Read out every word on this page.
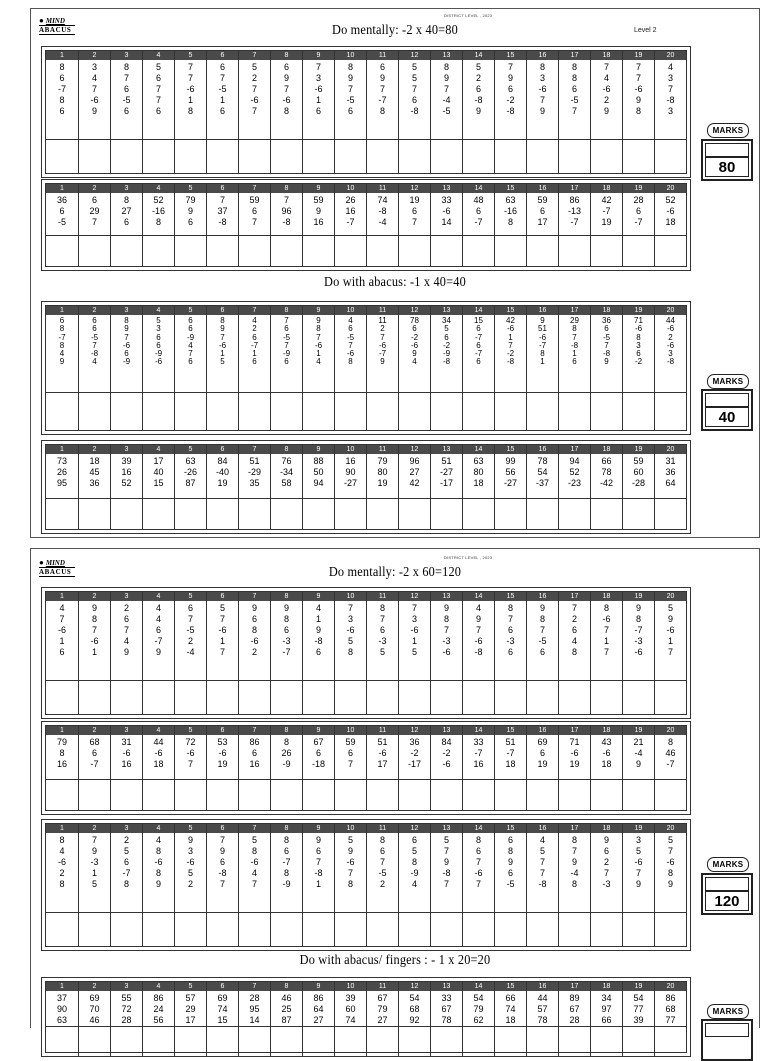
● MIND
ABACUS
DISTRICT LEVEL , 2023
Level 2
Do mentally: -2 x 40=80
1
8
6
-7
8
6
2
3
4
7
-6
9
3
8
7
6
-5
6
4
5
6
7
7
6
5
7
7
-6
1
8
6
6
7
-5
1
6
7
5
2
7
-6
7
8
6
9
7
-6
8
9
7
3
-6
1
6
10
8
9
7
-5
6
11
6
9
7
-7
8
12
5
5
7
6
-8
13
8
9
7
-4
-5
14
5
2
6
-8
9
15
7
9
6
-2
-8
16
8
3
-6
7
9
17
8
8
6
-5
7
18
7
4
-6
2
9
19
7
7
-6
9
8
20
4
3
7
-8
3
1
36
6
-5
2
6
29
7
3
8
27
6
4
52
-16
8
5
79
9
6
6
7
37
-8
7
59
6
7
8
7
96
-8
9
59
9
16
10
26
16
-7
11
74
-8
-4
12
19
6
7
13
33
-6
14
14
48
6
-7
15
63
-16
8
16
59
6
17
17
86
-13
-7
18
42
-7
19
19
28
6
-7
20
52
-6
18
MARKS
80
Do with abacus: -1 x 40=40
1
6
8
-7
8
4
9
2
6
6
-5
7
-8
4
3
8
9
7
-6
6
-9
4
5
3
6
6
-9
-6
5
6
6
-9
4
7
6
6
8
9
7
-6
1
5
7
4
2
6
-7
1
6
8
7
6
-5
7
-9
6
9
9
8
7
-6
1
4
10
4
6
-5
7
-6
8
11
11
2
7
-6
-7
9
12
78
6
-2
-6
9
4
13
34
5
6
-2
-9
-8
14
15
6
-7
6
-7
6
15
42
-6
1
7
-2
-8
16
9
51
-6
-7
8
1
17
29
8
7
-8
1
6
18
36
6
-5
7
-8
9
19
71
-6
8
3
6
-2
20
44
-6
2
-6
3
-8
1
73
26
95
2
18
45
36
3
39
16
52
4
17
40
15
5
63
-26
87
6
84
-40
19
7
51
-29
35
8
76
-34
58
9
88
50
94
10
16
90
-27
11
79
80
19
12
96
27
42
13
51
-27
-17
14
63
80
18
15
99
56
-27
16
78
54
-37
17
94
52
-23
18
66
78
-42
19
59
60
-28
20
31
36
64
MARKS
40
● MIND
ABACUS
DISTRICT LEVEL , 2023
Do mentally: -2 x 60=120
1
4
7
-6
1
6
2
9
8
7
-6
1
3
2
6
7
4
9
4
4
4
6
-7
9
5
6
7
-5
2
-4
6
5
7
-6
1
7
7
9
6
8
-6
2
8
9
8
6
-3
-7
9
4
1
9
-8
6
10
7
3
-6
5
8
11
8
7
6
-3
5
12
7
3
-6
1
5
13
9
8
7
-3
-6
14
4
9
7
-6
-8
15
8
7
6
-3
6
16
9
8
7
-5
6
17
7
2
6
4
8
18
8
-6
7
1
7
19
9
8
-7
-3
-6
20
5
9
-6
1
7
1
79
8
16
2
68
6
-7
3
31
-6
16
4
44
-6
18
5
72
-6
7
6
53
-6
19
7
86
6
16
8
8
26
-9
9
67
6
-18
10
59
6
7
11
51
-6
17
12
36
-2
-17
13
84
-2
-6
14
33
-7
16
15
51
-7
18
16
69
6
19
17
71
-6
19
18
43
-6
18
19
21
-4
9
20
8
46
-7
1
8
4
-6
2
8
2
7
9
-3
1
5
3
2
5
6
-7
8
4
4
8
-6
8
9
5
9
3
-6
5
2
6
7
9
6
-8
7
7
5
8
-6
4
7
8
8
6
-7
8
-9
9
9
6
7
-8
1
10
5
9
-6
7
8
11
8
6
7
-5
2
12
6
5
8
-9
4
13
5
7
9
-8
7
14
8
6
7
-6
7
15
6
8
9
6
-5
16
4
5
7
7
-8
17
8
7
9
-4
8
18
9
6
2
7
-3
19
3
5
-6
7
9
20
5
7
-6
8
9
MARKS
120
Do with abacus/ fingers : - 1 x 20=20
1
37
90
63
2
69
70
46
3
55
72
28
4
86
24
56
5
57
29
17
6
69
74
15
7
28
95
14
8
46
25
87
9
86
64
27
10
39
60
74
11
67
79
27
12
54
68
92
13
33
67
78
14
54
79
62
15
66
74
18
16
44
57
78
17
89
67
28
18
34
97
66
19
54
77
39
20
86
68
77
MARKS
